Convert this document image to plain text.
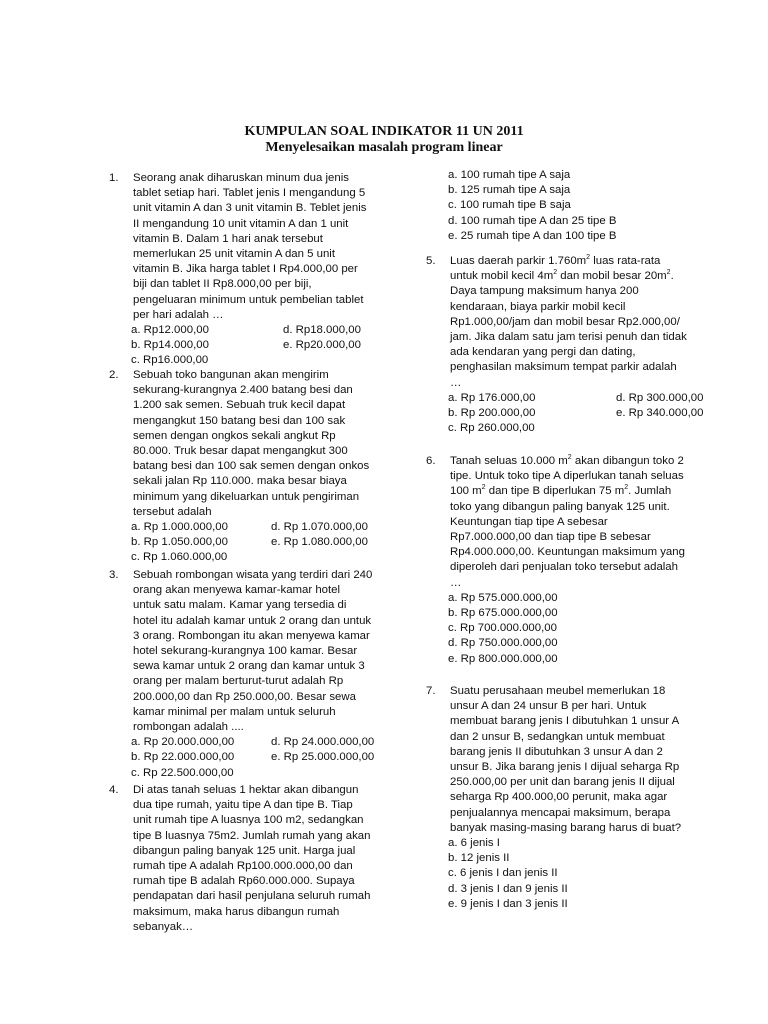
KUMPULAN SOAL INDIKATOR 11 UN 2011
Menyelesaikan masalah program linear
1. Seorang anak diharuskan minum dua jenis
tablet setiap hari. Tablet jenis I mengandung 5
unit vitamin A dan 3 unit vitamin B. Teblet jenis
II mengandung 10 unit vitamin A dan 1 unit
vitamin B. Dalam 1 hari anak tersebut
memerlukan 25 unit vitamin A dan 5 unit
vitamin B. Jika harga tablet I Rp4.000,00 per
biji dan tablet II Rp8.000,00 per biji,
pengeluaran minimum untuk pembelian tablet
per hari adalah …
a. Rp12.000,00	d. Rp18.000,00
b. Rp14.000,00	e. Rp20.000,00
c. Rp16.000,00
2. Sebuah toko bangunan akan mengirim
sekurang-kurangnya 2.400 batang besi dan
1.200 sak semen. Sebuah truk kecil dapat
mengangkut 150 batang besi dan 100 sak
semen dengan ongkos sekali angkut Rp
80.000. Truk besar dapat mengangkut 300
batang besi dan 100 sak semen dengan onkos
sekali jalan Rp 110.000. maka besar biaya
minimum yang dikeluarkan untuk pengiriman
tersebut adalah
a. Rp 1.000.000,00	d. Rp 1.070.000,00
b. Rp 1.050.000,00	e. Rp 1.080.000,00
c. Rp 1.060.000,00
3. Sebuah rombongan wisata yang terdiri dari 240
orang akan menyewa kamar-kamar hotel
untuk satu malam. Kamar yang tersedia di
hotel itu adalah kamar untuk 2 orang dan untuk
3 orang. Rombongan itu akan menyewa kamar
hotel sekurang-kurangnya 100 kamar. Besar
sewa kamar untuk 2 orang dan kamar untuk 3
orang per malam berturut-turut adalah Rp
200.000,00 dan Rp 250.000,00. Besar sewa
kamar minimal per malam untuk seluruh
rombongan adalah ....
a. Rp 20.000.000,00	d. Rp 24.000.000,00
b. Rp 22.000.000,00	e. Rp 25.000.000,00
c. Rp 22.500.000,00
4. Di atas tanah seluas 1 hektar akan dibangun
dua tipe rumah, yaitu tipe A dan tipe B. Tiap
unit rumah tipe A luasnya 100 m2, sedangkan
tipe B luasnya 75m2. Jumlah rumah yang akan
dibangun paling banyak 125 unit. Harga jual
rumah tipe A adalah Rp100.000.000,00 dan
rumah tipe B adalah Rp60.000.000. Supaya
pendapatan dari hasil penjulana seluruh rumah
maksimum, maka harus dibangun rumah
sebanyak…
a. 100 rumah tipe A saja
b. 125 rumah tipe A saja
c. 100 rumah tipe B saja
d. 100 rumah tipe A dan 25 tipe B
e. 25 rumah tipe A dan 100 tipe B
5. Luas daerah parkir $1.760m^2$ luas rata-rata
untuk mobil kecil $4m^2$ dan mobil besar $20m^2$.
Daya tampung maksimum hanya 200
kendaraan, biaya parkir mobil kecil
Rp1.000,00/jam dan mobil besar Rp2.000,00/
jam. Jika dalam satu jam terisi penuh dan tidak
ada kendaran yang pergi dan dating,
penghasilan maksimum tempat parkir adalah
…
a. Rp 176.000,00	d. Rp 300.000,00
b. Rp 200.000,00	e. Rp 340.000,00
c. Rp 260.000,00
6. Tanah seluas 10.000 $m^2$ akan dibangun toko 2
tipe. Untuk toko tipe A diperlukan tanah seluas
100 $m^2$ dan tipe B diperlukan 75 $m^2$. Jumlah
toko yang dibangun paling banyak 125 unit.
Keuntungan tiap tipe A sebesar
Rp7.000.000,00 dan tiap tipe B sebesar
Rp4.000.000,00. Keuntungan maksimum yang
diperoleh dari penjualan toko tersebut adalah
…
a. Rp 575.000.000,00
b. Rp 675.000.000,00
c. Rp 700.000.000,00
d. Rp 750.000.000,00
e. Rp 800.000.000,00
7. Suatu perusahaan meubel memerlukan 18
unsur A dan 24 unsur B per hari. Untuk
membuat barang jenis I dibutuhkan 1 unsur A
dan 2 unsur B, sedangkan untuk membuat
barang jenis II dibutuhkan 3 unsur A dan 2
unsur B. Jika barang jenis I dijual seharga Rp
250.000,00 per unit dan barang jenis II dijual
seharga Rp 400.000,00 perunit, maka agar
penjualannya mencapai maksimum, berapa
banyak masing-masing barang harus di buat?
a. 6 jenis I
b. 12 jenis II
c. 6 jenis I dan jenis II
d. 3 jenis I dan 9 jenis II
e. 9 jenis I dan 3 jenis II
